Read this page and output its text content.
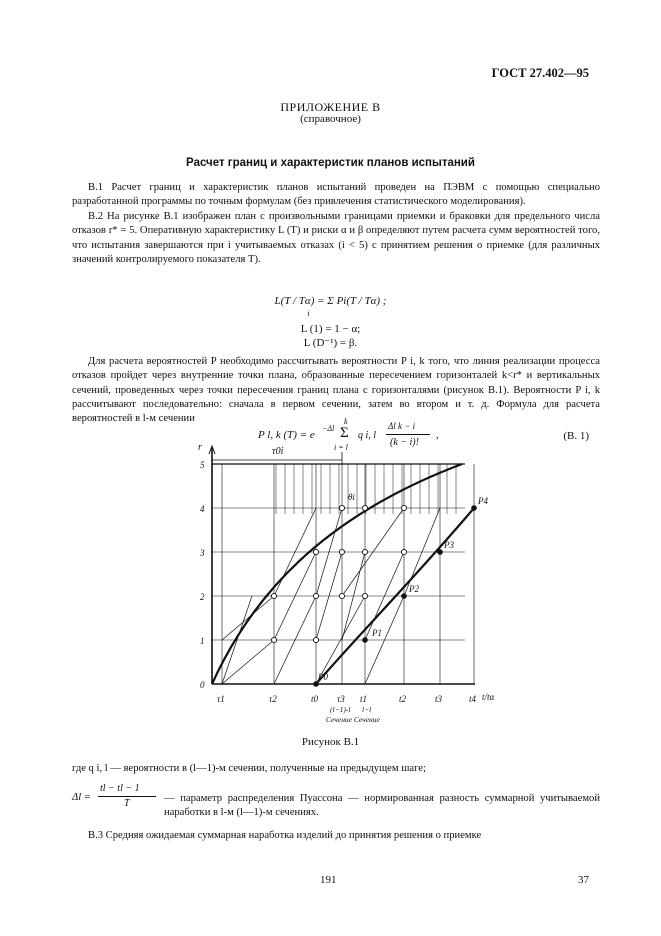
ГОСТ 27.402—95
ПРИЛОЖЕНИЕ В
(справочное)
Расчет границ и характеристик планов испытаний
В.1 Расчет границ и характеристик планов испытаний проведен на ПЭВМ с помощью специально разработанной программы по точным формулам (без привлечения статистического моделирования).
В.2 На рисунке В.1 изображен план с произвольными границами приемки и браковки для предельного числа отказов r* = 5. Оперативную характеристику L (T) и риски α и β определяют путем расчета сумм вероятностей того, что испытания завершаются при i учитываемых отказах (i < 5) с принятием решения о приемке (для различных значений контролируемого показателя T).
L(T / Tα) = Σ Pi(T / Tα) ;
i
L (1) = 1 − α;
L (D⁻¹) = β.
Для расчета вероятностей P необходимо рассчитывать вероятности P i, k того, что линия реализации процесса отказов пройдет через внутренние точки плана, образованные пересечением горизонталей k<r* и вертикальных сечений, проведенных через точки пересечения границ плана с горизонталями (рисунок В.1). Вероятности P i, k рассчитывают последовательно: сначала в первом сечении, затем во втором и т. д. Формула для расчета вероятностей в l-м сечении
P l, k (T) = e
−Δl
k
Σ
i = l
q i, l
Δl k − i
(k − i)!
,	(В. 1)
0
1
2
3
4
5
r
τ1	τ2	t0 τ3 t1	t2	t3	t4 t/tα
τ0i
θi
P0
P1
P2
P3
P4
(l−1)-l l−l
Сечение Сечение
Рисунок В.1
где q i, l — вероятности в (l—1)-м сечении, полученные на предыдущем шаге;
Δl =
tl − tl − 1
T	— параметр распределения Пуассона — нормированная разность суммарной учитываемой наработки в l-м (l—1)-м сечениях.
В.3 Средняя ожидаемая суммарная наработка изделий до принятия решения о приемке
191	37
